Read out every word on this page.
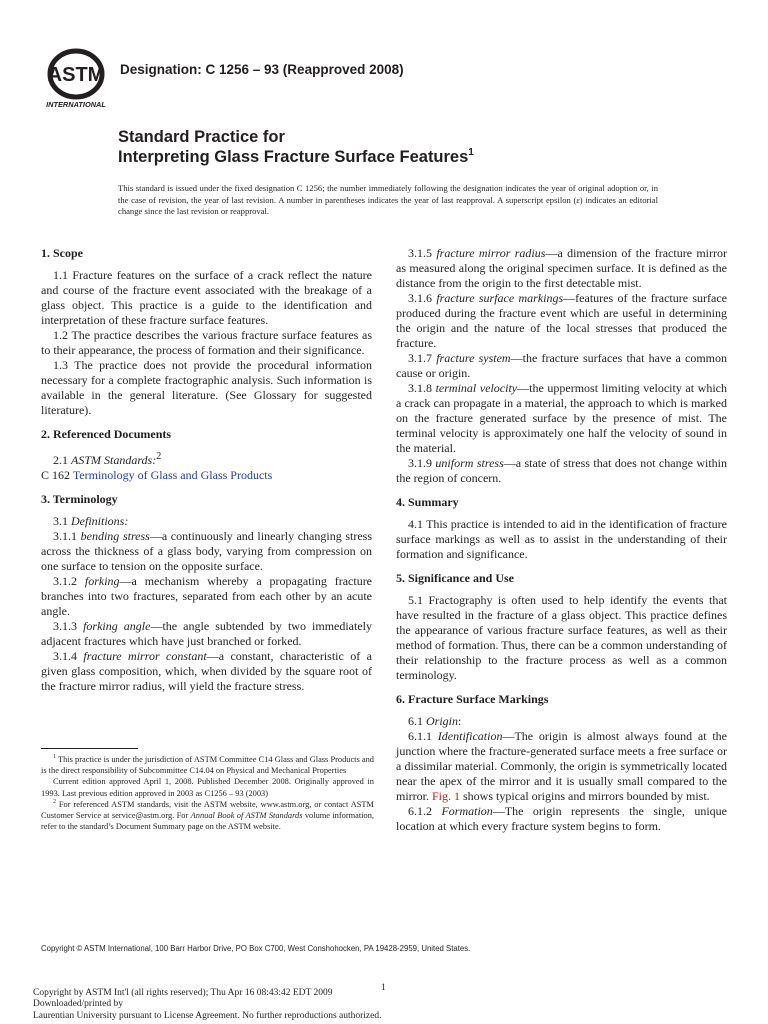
ASTM
INTERNATIONAL
Designation: C 1256 – 93 (Reapproved 2008)
Standard Practice for
Interpreting Glass Fracture Surface Features$^1$
This standard is issued under the fixed designation C 1256; the number immediately following the designation indicates the year of original adoption or, in the case of revision, the year of last revision. A number in parentheses indicates the year of last reapproval. A superscript epsilon (ε) indicates an editorial change since the last revision or reapproval.
1. Scope

1.1 Fracture features on the surface of a crack reflect the nature and course of the fracture event associated with the breakage of a glass object. This practice is a guide to the identification and interpretation of these fracture surface features.

1.2 The practice describes the various fracture surface features as to their appearance, the process of formation and their significance.

1.3 The practice does not provide the procedural information necessary for a complete fractographic analysis. Such information is available in the general literature. (See Glossary for suggested literature).

2. Referenced Documents

2.1 ASTM Standards:$^2$

C 162 Terminology of Glass and Glass Products

3. Terminology

3.1 Definitions:

3.1.1 bending stress—a continuously and linearly changing stress across the thickness of a glass body, varying from compression on one surface to tension on the opposite surface.

3.1.2 forking—a mechanism whereby a propagating fracture branches into two fractures, separated from each other by an acute angle.

3.1.3 forking angle—the angle subtended by two immediately adjacent fractures which have just branched or forked.

3.1.4 fracture mirror constant—a constant, characteristic of a given glass composition, which, when divided by the square root of the fracture mirror radius, will yield the fracture stress.

$^1$ This practice is under the jurisdiction of ASTM Committee C14 Glass and Glass Products and is the direct responsibility of Subcommittee C14.04 on Physical and Mechanical Properties

Current edition approved April 1, 2008. Published December 2008. Originally approved in 1993. Last previous edition approved in 2003 as C1256 – 93 (2003)

$^2$ For referenced ASTM standards, visit the ASTM website, www.astm.org, or contact ASTM Customer Service at service@astm.org. For Annual Book of ASTM Standards volume information, refer to the standard’s Document Summary page on the ASTM website.

3.1.5 fracture mirror radius—a dimension of the fracture mirror as measured along the original specimen surface. It is defined as the distance from the origin to the first detectable mist.

3.1.6 fracture surface markings—features of the fracture surface produced during the fracture event which are useful in determining the origin and the nature of the local stresses that produced the fracture.

3.1.7 fracture system—the fracture surfaces that have a common cause or origin.

3.1.8 terminal velocity—the uppermost limiting velocity at which a crack can propagate in a material, the approach to which is marked on the fracture generated surface by the presence of mist. The terminal velocity is approximately one half the velocity of sound in the material.

3.1.9 uniform stress—a state of stress that does not change within the region of concern.

4. Summary

4.1 This practice is intended to aid in the identification of fracture surface markings as well as to assist in the understanding of their formation and significance.

5. Significance and Use

5.1 Fractography is often used to help identify the events that have resulted in the fracture of a glass object. This practice defines the appearance of various fracture surface features, as well as their method of formation. Thus, there can be a common understanding of their relationship to the fracture process as well as a common terminology.

6. Fracture Surface Markings

6.1 Origin:

6.1.1 Identification—The origin is almost always found at the junction where the fracture-generated surface meets a free surface or a dissimilar material. Commonly, the origin is symmetrically located near the apex of the mirror and it is usually small compared to the mirror. Fig. 1 shows typical origins and mirrors bounded by mist.

6.1.2 Formation—The origin represents the single, unique location at which every fracture system begins to form.

Copyright © ASTM International, 100 Barr Harbor Drive, PO Box C700, West Conshohocken, PA 19428-2959, United States.
1
Copyright by ASTM Int'l (all rights reserved); Thu Apr 16 08:43:42 EDT 2009
Downloaded/printed by
Laurentian University pursuant to License Agreement. No further reproductions authorized.
